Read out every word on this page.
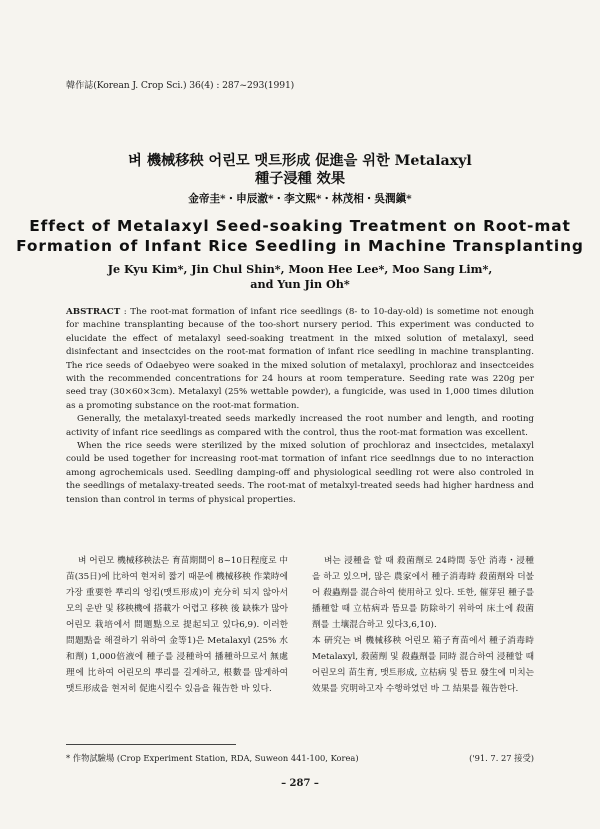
韓作誌(Korean J. Crop Sci.) 36(4) : 287~293(1991)
벼 機械移秧 어린모 맷트形成 促進을 위한 Metalaxyl
種子浸種 效果
金帝圭*・申辰澈*・李文熙*・林茂相・吳潤鎭*
Effect of Metalaxyl Seed-soaking Treatment on Root-mat
Formation of Infant Rice Seedling in Machine Transplanting
Je Kyu Kim*, Jin Chul Shin*, Moon Hee Lee*, Moo Sang Lim*,
and Yun Jin Oh*

ABSTRACT : The root-mat formation of infant rice seedlings (8- to 10-day-old) is sometime not enough for machine transplanting because of the too-short nursery period. This experiment was conducted to elucidate the effect of metalaxyl seed-soaking treatment in the mixed solution of metalaxyl, seed disinfectant and insectcides on the root-mat formation of infant rice seedling in machine transplanting. The rice seeds of Odaebyeo were soaked in the mixed solution of metalaxyl, prochloraz and insectceides with the recommended concentrations for 24 hours at room temperature. Seeding rate was 220g per seed tray (30×60×3cm). Metalaxyl (25% wettable powder), a fungicide, was used in 1,000 times dilution as a promoting substance on the root-mat formation.

Generally, the metalaxyl-treated seeds markedly increased the root number and length, and rooting activity of infant rice seedlings as compared with the control, thus the root-mat formation was excellent.

When the rice seeds were sterilized by the mixed solution of prochloraz and insectcides, metalaxyl could be used together for increasing root-mat tormation of infant rice seedlnngs due to no interaction among agrochemicals used. Seedling damping-off and physiological seedling rot were also controled in the seedlings of metalaxy-treated seeds. The root-mat of metalxyl-treated seeds had higher hardness and tension than control in terms of physical properties.

벼 어린모 機械移秧法은 育苗期間이 8~10日程度로 中苗(35日)에 比하여 현저히 짧기 때문에 機械移秧 作業時에 가장 重要한 뿌리의 엉킴(맷트形成)이 充分히 되지 않아서 모의 운반 및 移秧機에 搭載가 어렵고 移秧 後 缺株가 많아 어린모 栽培에서 問題點으로 提起되고 있다6,9). 이러한 問題點을 해결하기 위하여 金等1)은 Metalaxyl (25% 水和劑) 1,000倍液에 種子를 浸種하여 播種하므로서 無處理에 比하여 어린모의 뿌리를 길게하고, 根數를 많게하여 맷트形成을 현저히 促進시킬수 있음을 報告한 바 있다.

벼는 浸種을 할 때 殺菌劑로 24時間 동안 消毒・浸種을 하고 있으며, 많은 農家에서 種子消毒時 殺菌劑와 더불어 殺蟲劑를 混合하여 使用하고 있다. 또한, 催芽된 種子를 播種할 때 立枯病과 뜸묘를 防除하기 위하여 床土에 殺菌劑를 土壤混合하고 있다3,6,10).
本 硏究는 벼 機械移秧 어린모 箱子育苗에서 種子消毒時 Metalaxyl, 殺菌劑 및 殺蟲劑를 同時 混合하여 浸種할 때 어린모의 苗生育, 맷트形成, 立枯病 및 뜸묘 發生에 미치는 效果를 究明하고자 수행하였던 바 그 結果를 報告한다.

* 作物試驗場 (Crop Experiment Station, RDA, Suweon 441-100, Korea)	('91. 7. 27 接受)
– 287 –
